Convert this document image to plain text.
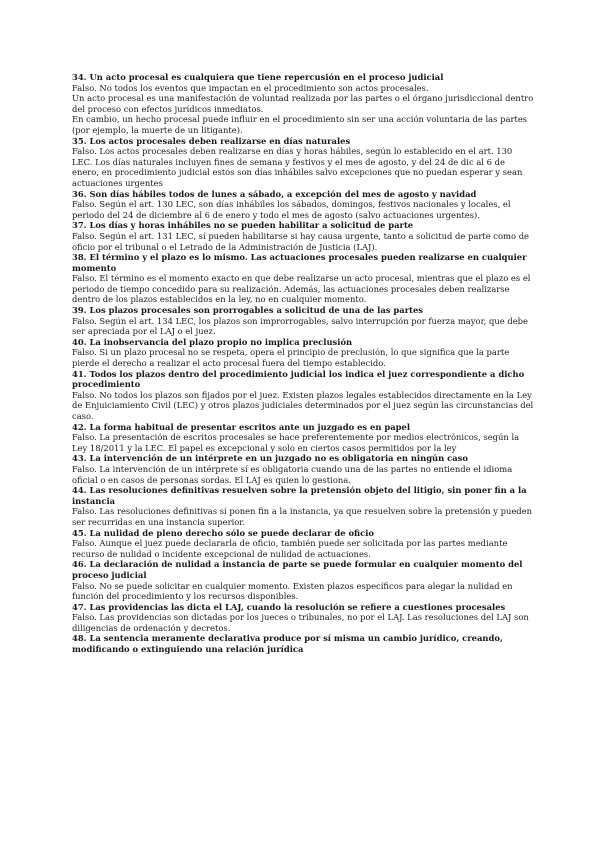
34. Un acto procesal es cualquiera que tiene repercusión en el proceso judicial

Falso. No todos los eventos que impactan en el procedimiento son actos procesales.

Un acto procesal es una manifestación de voluntad realizada por las partes o el órgano jurisdiccional dentro del proceso con efectos jurídicos inmediatos.

En cambio, un hecho procesal puede influir en el procedimiento sin ser una acción voluntaria de las partes (por ejemplo, la muerte de un litigante).

35. Los actos procesales deben realizarse en días naturales

Falso. Los actos procesales deben realizarse en días y horas hábiles, según lo establecido en el art. 130 LEC. Los días naturales incluyen fines de semana y festivos y el mes de agosto, y del 24 de dic al 6 de enero, en procedimiento judicial estos son días inhábiles salvo excepciones que no puedan esperar y sean actuaciones urgentes

36. Son días hábiles todos de lunes a sábado, a excepción del mes de agosto y navidad

Falso. Según el art. 130 LEC, son días inhábiles los sábados, domingos, festivos nacionales y locales, el periodo del 24 de diciembre al 6 de enero y todo el mes de agosto (salvo actuaciones urgentes).

37. Los días y horas inhábiles no se pueden habilitar a solicitud de parte

Falso. Según el art. 131 LEC, sí pueden habilitarse si hay causa urgente, tanto a solicitud de parte como de oficio por el tribunal o el Letrado de la Administración de Justicia (LAJ).

38. El término y el plazo es lo mismo. Las actuaciones procesales pueden realizarse en cualquier momento

Falso. El término es el momento exacto en que debe realizarse un acto procesal, mientras que el plazo es el periodo de tiempo concedido para su realización. Además, las actuaciones procesales deben realizarse dentro de los plazos establecidos en la ley, no en cualquier momento.

39. Los plazos procesales son prorrogables a solicitud de una de las partes

Falso. Según el art. 134 LEC, los plazos son improrrogables, salvo interrupción por fuerza mayor, que debe ser apreciada por el LAJ o el juez.

40. La inobservancia del plazo propio no implica preclusión

Falso. Si un plazo procesal no se respeta, opera el principio de preclusión, lo que significa que la parte pierde el derecho a realizar el acto procesal fuera del tiempo establecido.

41. Todos los plazos dentro del procedimiento judicial los indica el juez correspondiente a dicho procedimiento

Falso. No todos los plazos son fijados por el juez. Existen plazos legales establecidos directamente en la Ley de Enjuiciamiento Civil (LEC) y otros plazos judiciales determinados por el juez según las circunstancias del caso.

42. La forma habitual de presentar escritos ante un juzgado es en papel

Falso. La presentación de escritos procesales se hace preferentemente por medios electrónicos, según la Ley 18/2011 y la LEC. El papel es excepcional y solo en ciertos casos permitidos por la ley

43. La intervención de un intérprete en un juzgado no es obligatoria en ningún caso

Falso. La intervención de un intérprete sí es obligatoria cuando una de las partes no entiende el idioma oficial o en casos de personas sordas. El LAJ es quien lo gestiona.

44. Las resoluciones definitivas resuelven sobre la pretensión objeto del litigio, sin poner fin a la instancia

Falso. Las resoluciones definitivas sí ponen fin a la instancia, ya que resuelven sobre la pretensión y pueden ser recurridas en una instancia superior.

45. La nulidad de pleno derecho sólo se puede declarar de oficio

Falso. Aunque el juez puede declararla de oficio, también puede ser solicitada por las partes mediante recurso de nulidad o incidente excepcional de nulidad de actuaciones.

46. La declaración de nulidad a instancia de parte se puede formular en cualquier momento del proceso judicial

Falso. No se puede solicitar en cualquier momento. Existen plazos específicos para alegar la nulidad en función del procedimiento y los recursos disponibles.

47. Las providencias las dicta el LAJ, cuando la resolución se refiere a cuestiones procesales

Falso. Las providencias son dictadas por los jueces o tribunales, no por el LAJ. Las resoluciones del LAJ son diligencias de ordenación y decretos.

48. La sentencia meramente declarativa produce por sí misma un cambio jurídico, creando, modificando o extinguiendo una relación jurídica
